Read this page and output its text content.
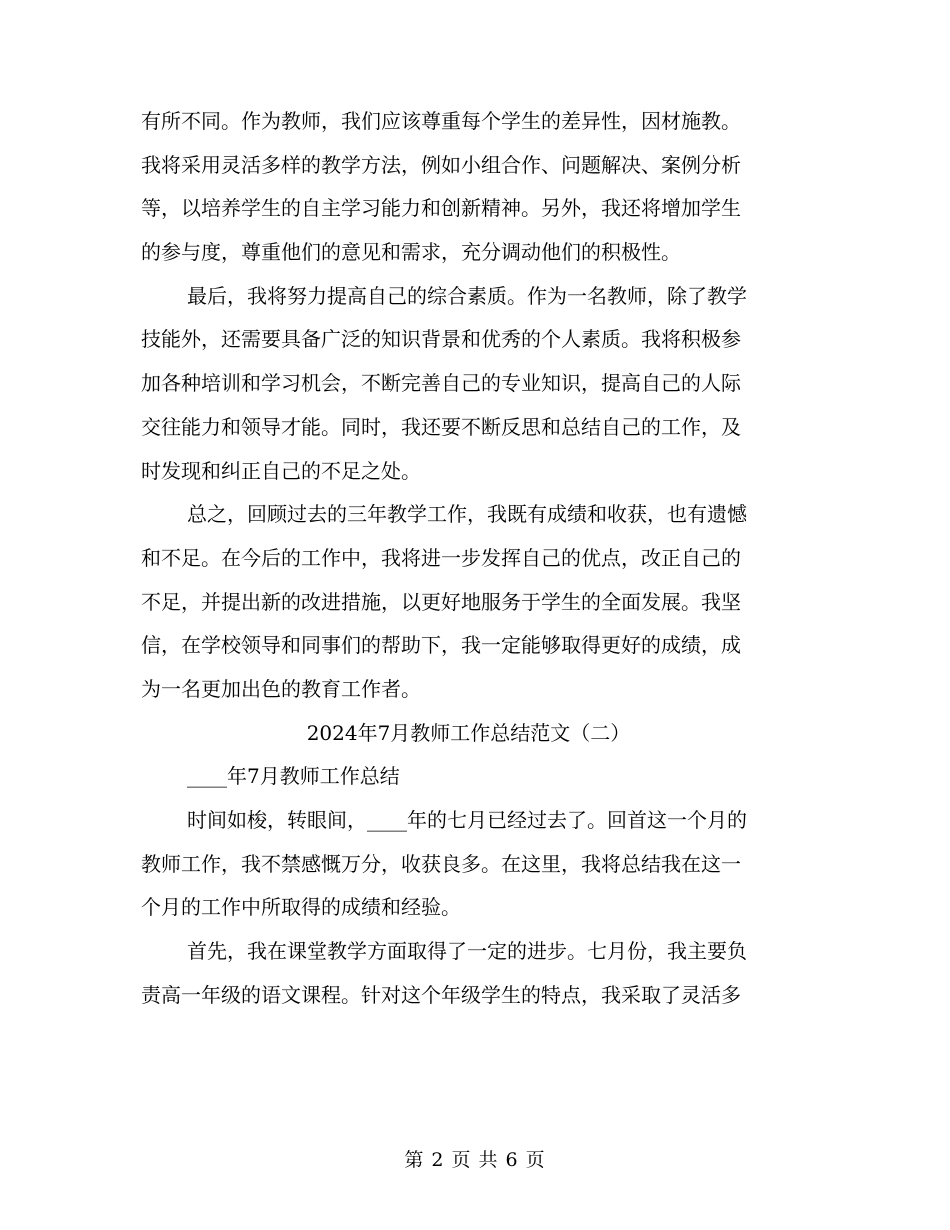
有所不同。作为教师，我们应该尊重每个学生的差异性，因材施教。
我将采用灵活多样的教学方法，例如小组合作、问题解决、案例分析
等，以培养学生的自主学习能力和创新精神。另外，我还将增加学生
的参与度，尊重他们的意见和需求，充分调动他们的积极性。
最后，我将努力提高自己的综合素质。作为一名教师，除了教学
技能外，还需要具备广泛的知识背景和优秀的个人素质。我将积极参
加各种培训和学习机会，不断完善自己的专业知识，提高自己的人际
交往能力和领导才能。同时，我还要不断反思和总结自己的工作，及
时发现和纠正自己的不足之处。
总之，回顾过去的三年教学工作，我既有成绩和收获，也有遗憾
和不足。在今后的工作中，我将进一步发挥自己的优点，改正自己的
不足，并提出新的改进措施，以更好地服务于学生的全面发展。我坚
信，在学校领导和同事们的帮助下，我一定能够取得更好的成绩，成
为一名更加出色的教育工作者。
2024年7月教师工作总结范文（二）
____年7月教师工作总结
时间如梭，转眼间，____年的七月已经过去了。回首这一个月的
教师工作，我不禁感慨万分，收获良多。在这里，我将总结我在这一
个月的工作中所取得的成绩和经验。
首先，我在课堂教学方面取得了一定的进步。七月份，我主要负
责高一年级的语文课程。针对这个年级学生的特点，我采取了灵活多
第 2 页 共 6 页
